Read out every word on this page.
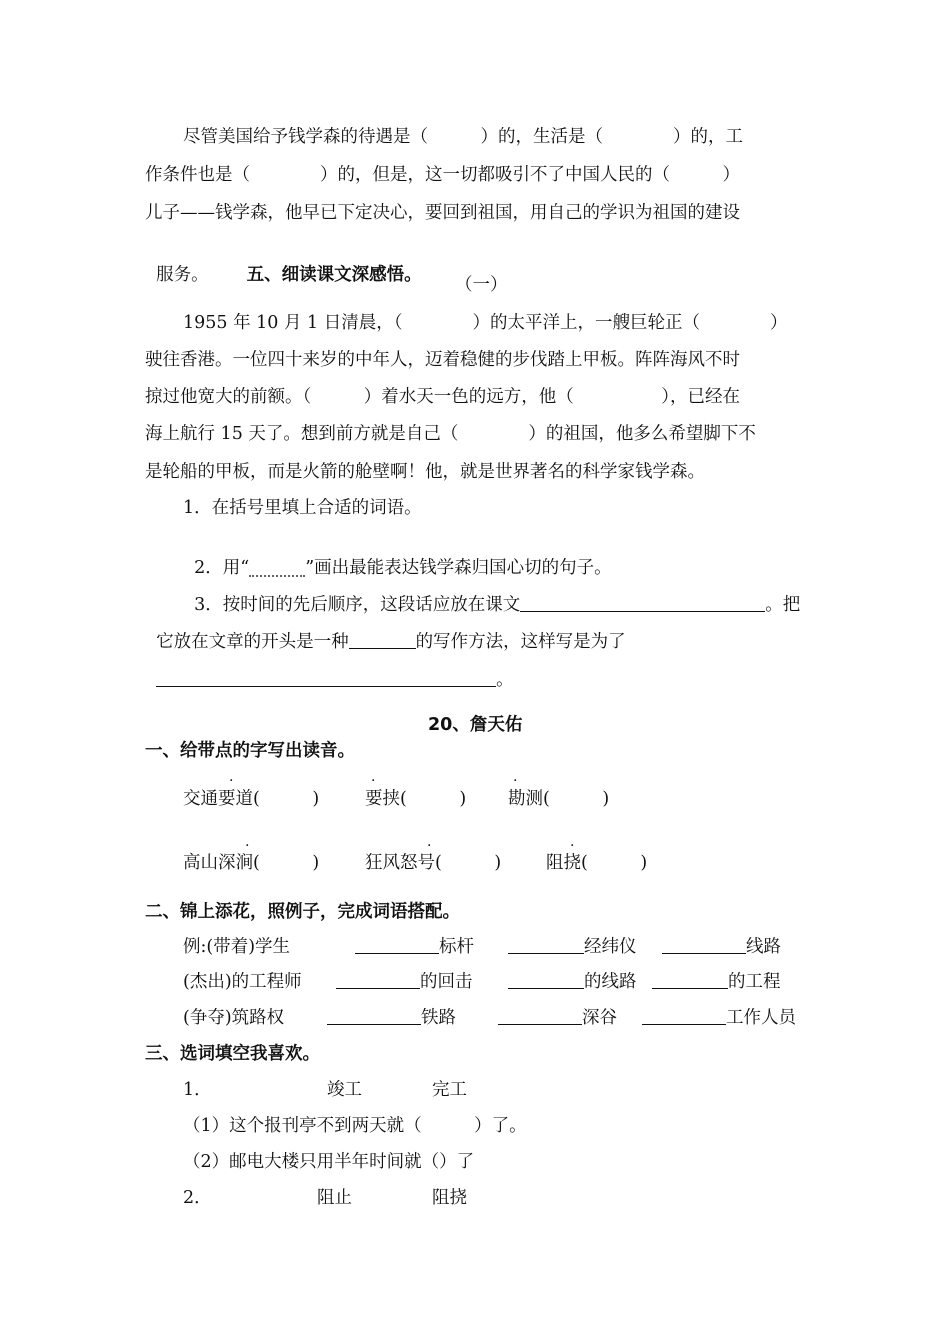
尽管美国给予钱学森的待遇是（　　　）的，生活是（　　　　）的，工
作条件也是（　　　　）的，但是，这一切都吸引不了中国人民的（　　　）
儿子——钱学森，他早已下定决心，要回到祖国，用自己的学识为祖国的建设

服务。 五、细读课文深感悟。 （一）
1955 年 10 月 1 日清晨，（　　　　）的太平洋上，一艘巨轮正（　　　　）
驶往香港。一位四十来岁的中年人，迈着稳健的步伐踏上甲板。阵阵海风不时
掠过他宽大的前额。（　　　）着水天一色的远方，他（　　　　　），已经在
海上航行 15 天了。想到前方就是自己（　　　　）的祖国，他多么希望脚下不
是轮船的甲板，而是火箭的舱壁啊！他，就是世界著名的科学家钱学森。
1．在括号里填上合适的词语。

2．用“	”画出最能表达钱学森归国心切的句子。

3．按时间的先后顺序，这段话应放在课文	。把

它放在文章的开头是一种	的写作方法，这样写是为了

。

20、詹天佑
一、给带点的字写出读音。
.	.	.
交通要道(　　　)	要挟(　　　) 勘测(　　　)
.	.	.
高山深涧(　　　)	狂风怒号(　　　)	阻挠(　　　)
二、锦上添花，照例子，完成词语搭配。
例:(带着)学生	标杆	经纬仪	线路
(杰出)的工程师	的回击	的线路	的工程
(争夺)筑路权	铁路	深谷	工作人员
三、选词填空我喜欢。
1．	竣工	完工
（1）这个报刊亭不到两天就（　　　）了。
（2）邮电大楼只用半年时间就（）了
2．	阻止	阻挠
